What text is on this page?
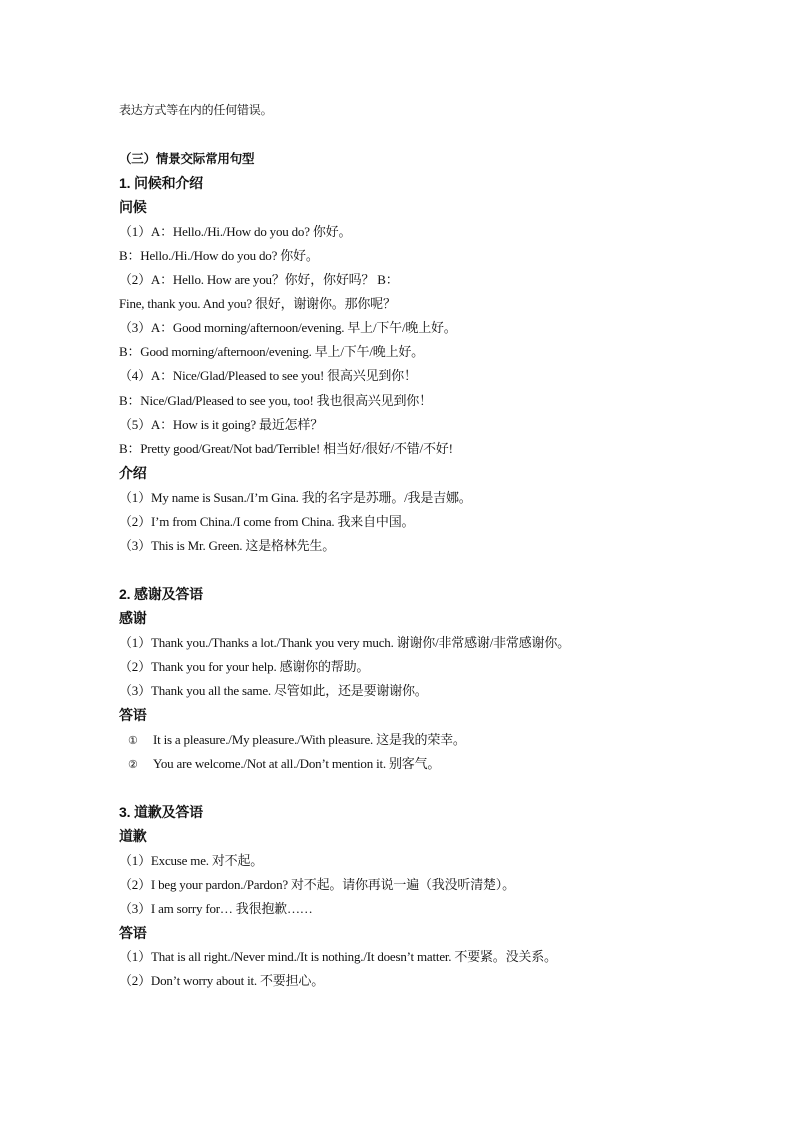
表达方式等在内的任何错误。
（三）情景交际常用句型
1. 问候和介绍
问候
（1）A：Hello./Hi./How do you do? 你好。
B：Hello./Hi./How do you do? 你好。
（2）A：Hello. How are you？你好，你好吗？ B：
Fine, thank you. And you? 很好，谢谢你。那你呢？
（3）A：Good morning/afternoon/evening. 早上/下午/晚上好。
B：Good morning/afternoon/evening. 早上/下午/晚上好。
（4）A：Nice/Glad/Pleased to see you! 很高兴见到你！
B：Nice/Glad/Pleased to see you, too! 我也很高兴见到你！
（5）A：How is it going? 最近怎样？
B：Pretty good/Great/Not bad/Terrible! 相当好/很好/不错/不好!
介绍
（1）My name is Susan./I’m Gina. 我的名字是苏珊。/我是吉娜。
（2）I’m from China./I come from China. 我来自中国。
（3）This is Mr. Green. 这是格林先生。
2. 感谢及答语
感谢
（1）Thank you./Thanks a lot./Thank you very much. 谢谢你/非常感谢/非常感谢你。
（2）Thank you for your help. 感谢你的帮助。
（3）Thank you all the same. 尽管如此，还是要谢谢你。
答语
① It is a pleasure./My pleasure./With pleasure. 这是我的荣幸。
② You are welcome./Not at all./Don’t mention it. 别客气。
3. 道歉及答语
道歉
（1）Excuse me. 对不起。
（2）I beg your pardon./Pardon? 对不起。请你再说一遍（我没听清楚）。
（3）I am sorry for… 我很抱歉……
答语
（1）That is all right./Never mind./It is nothing./It doesn’t matter. 不要紧。没关系。
（2）Don’t worry about it. 不要担心。
